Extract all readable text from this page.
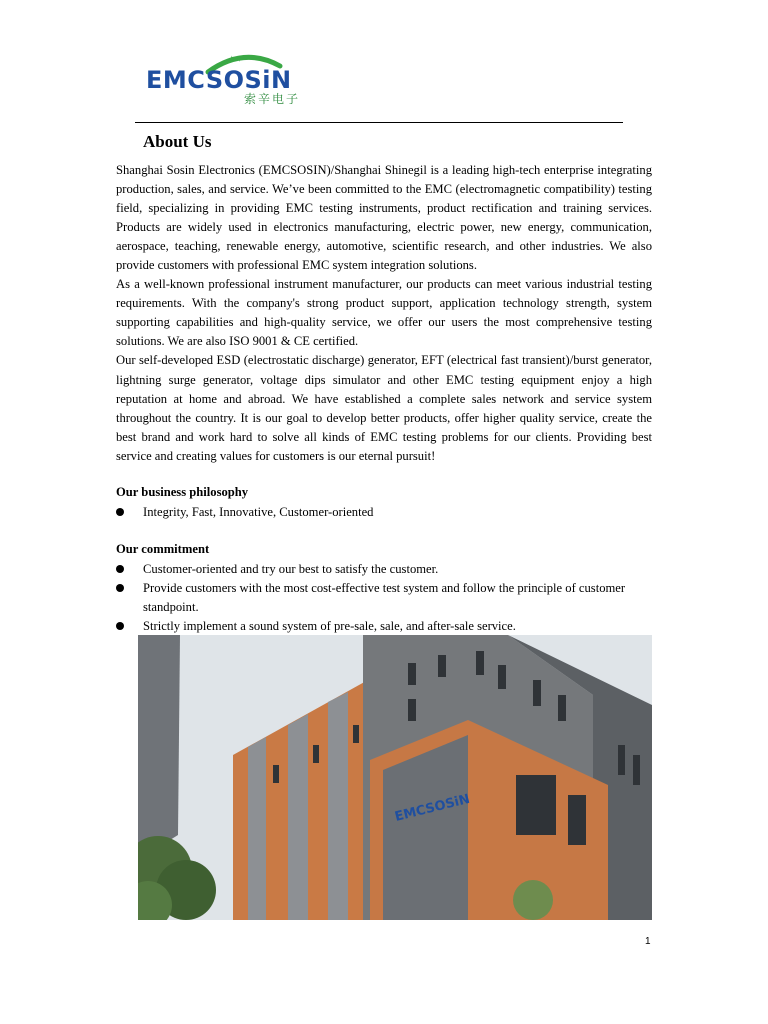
✦✦
EMCSOSiN
索辛电子
About Us

Shanghai Sosin Electronics (EMCSOSIN)/Shanghai Shinegil is a leading high-tech enterprise integrating production, sales, and service. We’ve been committed to the EMC (electromagnetic compatibility) testing field, specializing in providing EMC testing instruments, product rectification and training services. Products are widely used in electronics manufacturing, electric power, new energy, communication, aerospace, teaching, renewable energy, automotive, scientific research, and other industries. We also provide customers with professional EMC system integration solutions.

As a well-known professional instrument manufacturer, our products can meet various industrial testing requirements. With the company's strong product support, application technology strength, system supporting capabilities and high-quality service, we offer our users the most comprehensive testing solutions. We are also ISO 9001 & CE certified.

Our self-developed ESD (electrostatic discharge) generator, EFT (electrical fast transient)/burst generator, lightning surge generator, voltage dips simulator and other EMC testing equipment enjoy a high reputation at home and abroad. We have established a complete sales network and service system throughout the country. It is our goal to develop better products, offer higher quality service, create the best brand and work hard to solve all kinds of EMC testing problems for our clients. Providing best service and creating values for customers is our eternal pursuit!

Our business philosophy
Integrity, Fast, Innovative, Customer-oriented
Our commitment
Customer-oriented and try our best to satisfy the customer.
Provide customers with the most cost-effective test system and follow the principle of customer standpoint.
Strictly implement a sound system of pre-sale, sale, and after-sale service.
EMCSOSiN
1
